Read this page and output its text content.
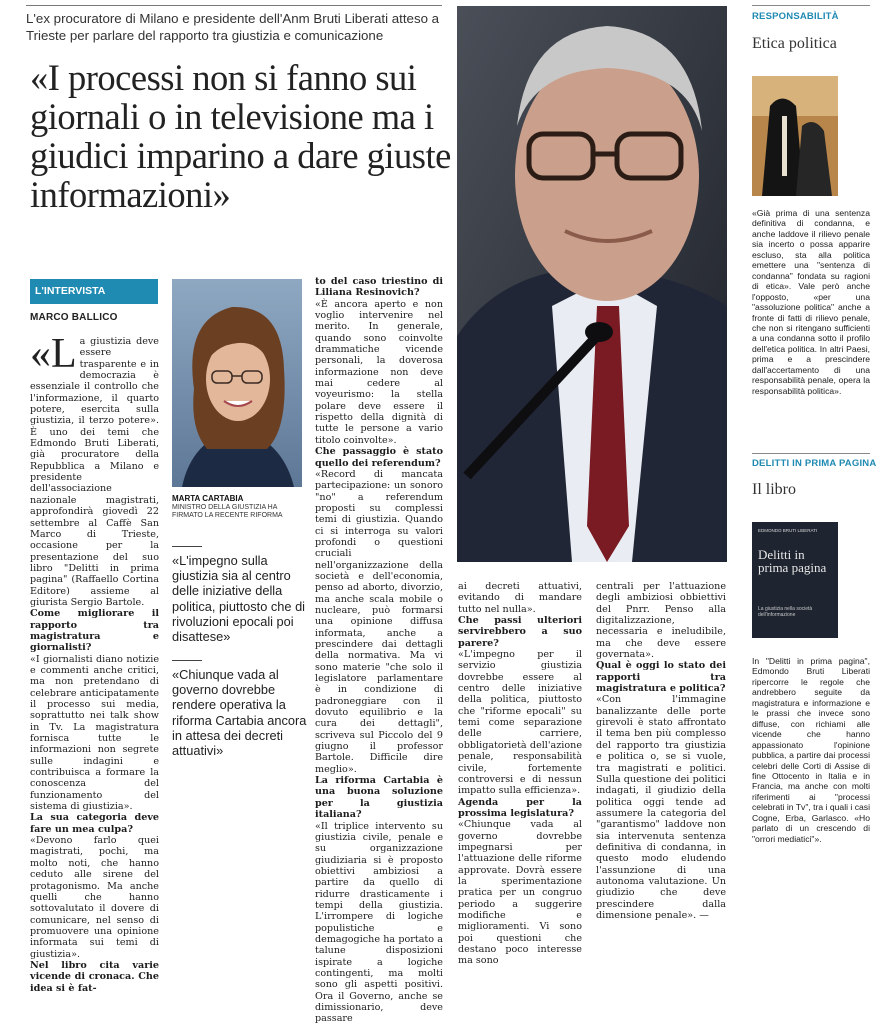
L'ex procuratore di Milano e presidente dell'Anm Bruti Liberati atteso a Trieste per parlare del rapporto tra giustizia e comunicazione
«I processi non si fanno sui giornali o in televisione ma i giudici imparino a dare giuste informazioni»
L'INTERVISTA
MARCO BALLICO

«La giustizia deve essere trasparente e in democrazia è essenziale il controllo che l'informazione, il quarto potere, esercita sulla giustizia, il terzo potere». È uno dei temi che Edmondo Bruti Liberati, già procuratore della Repubblica a Milano e presidente dell'associazione nazionale magistrati, approfondirà giovedì 22 settembre al Caffè San Marco di Trieste, occasione per la presentazione del suo libro "Delitti in prima pagina" (Raffaello Cortina Editore) assieme al giurista Sergio Bartole.

Come migliorare il rapporto tra magistratura e giornalisti?

«I giornalisti diano notizie e commenti anche critici, ma non pretendano di celebrare anticipatamente il processo sui media, soprattutto nei talk show in Tv. La magistratura fornisca tutte le informazioni non segrete sulle indagini e contribuisca a formare la conoscenza del funzionamento del sistema di giustizia».

La sua categoria deve fare un mea culpa?

«Devono farlo quei magistrati, pochi, ma molto noti, che hanno ceduto alle sirene del protagonismo. Ma anche quelli che hanno sottovalutato il dovere di comunicare, nel senso di promuovere una opinione informata sui temi di giustizia».

Nel libro cita varie vicende di cronaca. Che idea si è fat-

MARTA CARTABIA
MINISTRO DELLA GIUSTIZIA HA FIRMATO LA RECENTE RIFORMA
«L'impegno sulla giustizia sia al centro delle iniziative della politica, piuttosto che di rivoluzioni epocali poi disattese»
«Chiunque vada al governo dovrebbe rendere operativa la riforma Cartabia ancora in attesa dei decreti attuativi»

to del caso triestino di Liliana Resinovich?

«È ancora aperto e non voglio intervenire nel merito. In generale, quando sono coinvolte drammatiche vicende personali, la doverosa informazione non deve mai cedere al voyeurismo: la stella polare deve essere il rispetto della dignità di tutte le persone a vario titolo coinvolte».

Che passaggio è stato quello dei referendum?

«Record di mancata partecipazione: un sonoro "no" a referendum proposti su complessi temi di giustizia. Quando ci si interroga su valori profondi o questioni cruciali nell'organizzazione della società e dell'economia, penso ad aborto, divorzio, ma anche scala mobile o nucleare, può formarsi una opinione diffusa informata, anche a prescindere dai dettagli della normativa. Ma vi sono materie "che solo il legislatore parlamentare è in condizione di padroneggiare con il dovuto equilibrio e la cura dei dettagli", scriveva sul Piccolo del 9 giugno il professor Bartole. Difficile dire meglio».

La riforma Cartabia è una buona soluzione per la giustizia italiana?

«Il triplice intervento su giustizia civile, penale e su organizzazione giudiziaria si è proposto obiettivi ambiziosi a partire da quello di ridurre drasticamente i tempi della giustizia. L'irrompere di logiche populistiche e demagogiche ha portato a talune disposizioni ispirate a logiche contingenti, ma molti sono gli aspetti positivi. Ora il Governo, anche se dimissionario, deve passare

ai decreti attuativi, evitando di mandare tutto nel nulla».

Che passi ulteriori servirebbero a suo parere?

«L'impegno per il servizio giustizia dovrebbe essere al centro delle iniziative della politica, piuttosto che "riforme epocali" su temi come separazione delle carriere, obbligatorietà dell'azione penale, responsabilità civile, fortemente controversi e di nessun impatto sulla efficienza».

Agenda per la prossima legislatura?

«Chiunque vada al governo dovrebbe impegnarsi per l'attuazione delle riforme approvate. Dovrà essere la sperimentazione pratica per un congruo periodo a suggerire modifiche e miglioramenti. Vi sono poi questioni che destano poco interesse ma sono

centrali per l'attuazione degli ambiziosi obbiettivi del Pnrr. Penso alla digitalizzazione, necessaria e ineludibile, ma che deve essere governata».

Qual è oggi lo stato dei rapporti tra magistratura e politica?

«Con l'immagine banalizzante delle porte girevoli è stato affrontato il tema ben più complesso del rapporto tra giustizia e politica o, se si vuole, tra magistrati e politici. Sulla questione dei politici indagati, il giudizio della politica oggi tende ad assumere la categoria del "garantismo" laddove non sia intervenuta sentenza definitiva di condanna, in questo modo eludendo l'assunzione di una autonoma valutazione. Un giudizio che deve prescindere dalla dimensione penale». —

RESPONSABILITÀ
Etica politica

«Già prima di una sentenza definitiva di condanna, e anche laddove il rilievo penale sia incerto o possa apparire escluso, sta alla politica emettere una "sentenza di condanna" fondata su ragioni di etica». Vale però anche l'opposto, «per una "assoluzione politica" anche a fronte di fatti di rilievo penale, che non si ritengano sufficienti a una condanna sotto il profilo dell'etica politica. In altri Paesi, prima e a prescindere dall'accertamento di una responsabilità penale, opera la responsabilità politica».

DELITTI IN PRIMA PAGINA
Il libro
EDMONDO BRUTI LIBERATI
Delitti in prima pagina
La giustizia nella società dell'informazione

In "Delitti in prima pagina", Edmondo Bruti Liberati ripercorre le regole che andrebbero seguite da magistratura e informazione e le prassi che invece sono diffuse, con richiami alle vicende che hanno appassionato l'opinione pubblica, a partire dai processi celebri delle Corti di Assise di fine Ottocento in Italia e in Francia, ma anche con molti riferimenti ai "processi celebrati in Tv", tra i quali i casi Cogne, Erba, Garlasco. «Ho parlato di un crescendo di "orrori mediatici"».
